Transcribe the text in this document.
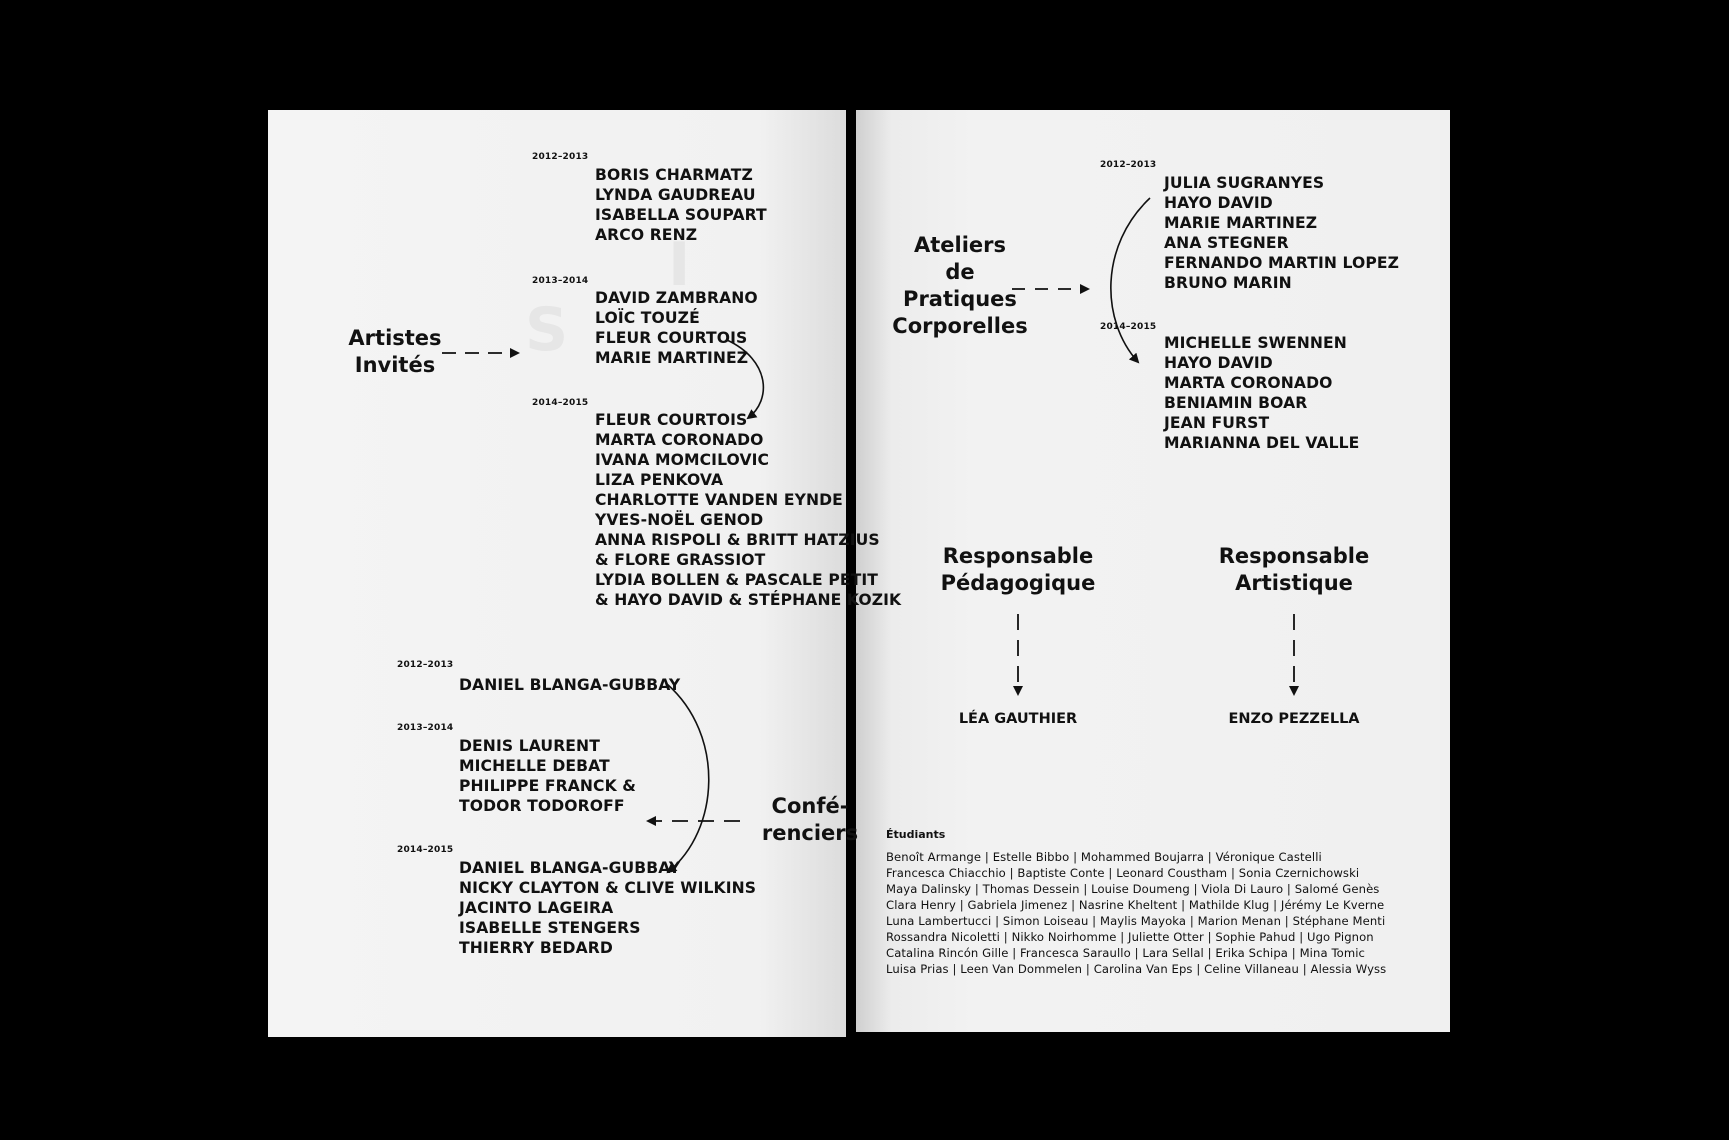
S
I
Artistes
Invités
2012–2013
BORIS CHARMATZ
LYNDA GAUDREAU
ISABELLA SOUPART
ARCO RENZ
2013–2014
DAVID ZAMBRANO
LOÏC TOUZÉ
FLEUR COURTOIS
MARIE MARTINEZ
2014–2015
FLEUR COURTOIS
MARTA CORONADO
IVANA MOMCILOVIC
LIZA PENKOVA
CHARLOTTE VANDEN EYNDE
YVES-NOËL GENOD
ANNA RISPOLI & BRITT HATZIUS
& FLORE GRASSIOT
LYDIA BOLLEN & PASCALE PETIT
& HAYO DAVID & STÉPHANE KOZIK
2012–2013
DANIEL BLANGA-GUBBAY
2013–2014
DENIS LAURENT
MICHELLE DEBAT
PHILIPPE FRANCK &
TODOR TODOROFF
2014–2015
DANIEL BLANGA-GUBBAY
NICKY CLAYTON & CLIVE WILKINS
JACINTO LAGEIRA
ISABELLE STENGERS
THIERRY BEDARD
Confé-
renciers
Ateliers
de
Pratiques
Corporelles
2012–2013
JULIA SUGRANYES
HAYO DAVID
MARIE MARTINEZ
ANA STEGNER
FERNANDO MARTIN LOPEZ
BRUNO MARIN
2014–2015
MICHELLE SWENNEN
HAYO DAVID
MARTA CORONADO
BENIAMIN BOAR
JEAN FURST
MARIANNA DEL VALLE
Responsable
Pédagogique
LÉA GAUTHIER
Responsable
Artistique
ENZO PEZZELLA
Étudiants
Benoît Armange | Estelle Bibbo | Mohammed Boujarra | Véronique Castelli
Francesca Chiacchio | Baptiste Conte | Leonard Coustham | Sonia Czernichowski
Maya Dalinsky | Thomas Dessein | Louise Doumeng | Viola Di Lauro | Salomé Genès
Clara Henry | Gabriela Jimenez | Nasrine Kheltent | Mathilde Klug | Jérémy Le Kverne
Luna Lambertucci | Simon Loiseau | Maylis Mayoka | Marion Menan | Stéphane Menti
Rossandra Nicoletti | Nikko Noirhomme | Juliette Otter | Sophie Pahud | Ugo Pignon
Catalina Rincón Gille | Francesca Saraullo | Lara Sellal | Erika Schipa | Mina Tomic
Luisa Prias | Leen Van Dommelen | Carolina Van Eps | Celine Villaneau | Alessia Wyss
